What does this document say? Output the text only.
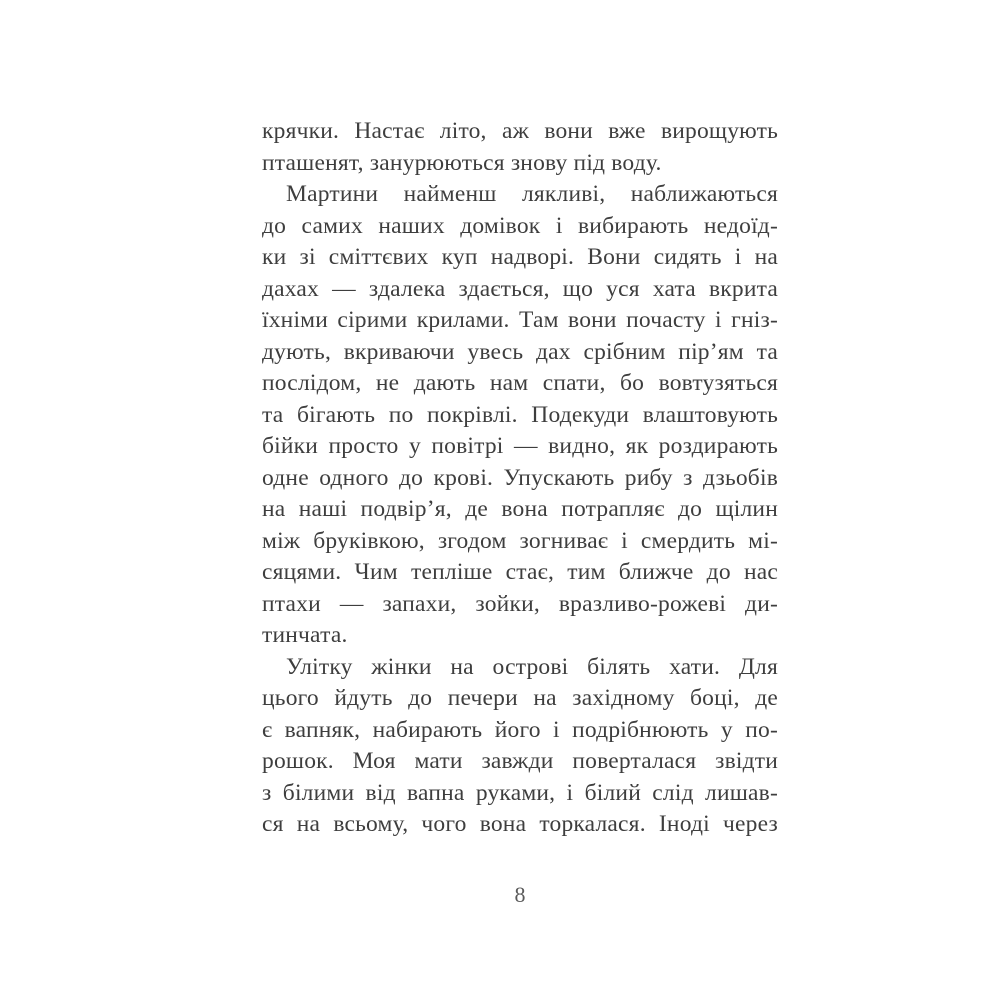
крячки. Настає літо, аж вони вже вирощують
пташенят, занурюються знову під воду.
Мартини найменш лякливі, наближаються
до самих наших домівок і вибирають недоїд-
ки зі сміттєвих куп надворі. Вони сидять і на
дахах — здалека здається, що уся хата вкрита
їхніми сірими крилами. Там вони почасту і гніз-
дують, вкриваючи увесь дах срібним пір’ям та
послідом, не дають нам спати, бо вовтузяться
та бігають по покрівлі. Подекуди влаштовують
бійки просто у повітрі — видно, як роздирають
одне одного до крові. Упускають рибу з дзьобів
на наші подвір’я, де вона потрапляє до щілин
між бруківкою, згодом зогниває і смердить мі-
сяцями. Чим тепліше стає, тим ближче до нас
птахи — запахи, зойки, вразливо-рожеві ди-
тинчата.
Улітку жінки на острові білять хати. Для
цього йдуть до печери на західному боці, де
є вапняк, набирають його і подрібнюють у по-
рошок. Моя мати завжди поверталася звідти
з білими від вапна руками, і білий слід лишав-
ся на всьому, чого вона торкалася. Іноді через
8
